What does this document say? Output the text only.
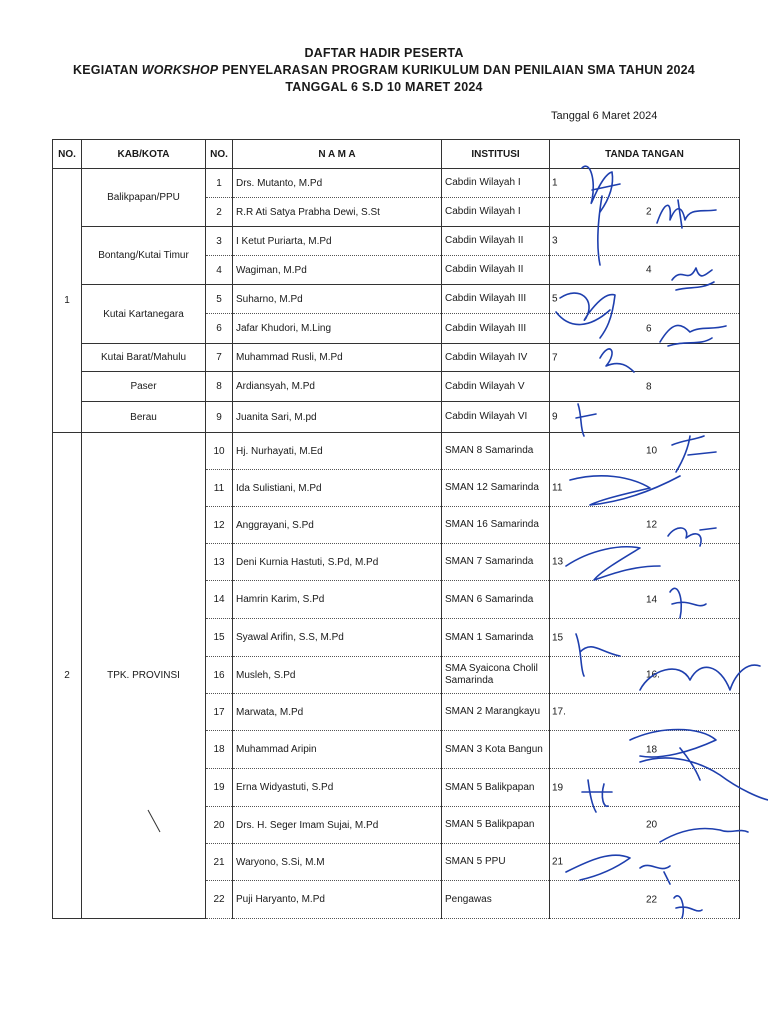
DAFTAR HADIR PESERTA
KEGIATAN WORKSHOP PENYELARASAN PROGRAM KURIKULUM DAN PENILAIAN SMA TAHUN 2024
TANGGAL 6 S.D 10 MARET 2024
Tanggal 6 Maret 2024
NO.	KAB/KOTA	NO.	N A M A	INSTITUSI	TANDA TANGAN
1	Balikpapan/PPU	1	Drs. Mutanto, M.Pd	Cabdin Wilayah I	1

		2	R.R Ati Satya Prabha Dewi, S.St	Cabdin Wilayah I	2

	Bontang/Kutai Timur	3	I Ketut Puriarta, M.Pd	Cabdin Wilayah II	3

		4	Wagiman, M.Pd	Cabdin Wilayah II	4

	Kutai Kartanegara	5	Suharno, M.Pd	Cabdin Wilayah III	5

		6	Jafar Khudori, M.Ling	Cabdin Wilayah III	6

	Kutai Barat/Mahulu	7	Muhammad Rusli, M.Pd	Cabdin Wilayah IV	7

	Paser	8	Ardiansyah, M.Pd	Cabdin Wilayah V	8

	Berau	9	Juanita Sari, M.pd	Cabdin Wilayah VI	9

2	TPK. PROVINSI	10	Hj. Nurhayati, M.Ed	SMAN 8 Samarinda	10

		11	Ida Sulistiani, M.Pd	SMAN 12 Samarinda	11

		12	Anggrayani, S.Pd	SMAN 16 Samarinda	12

		13	Deni Kurnia Hastuti, S.Pd, M.Pd	SMAN 7 Samarinda	13

		14	Hamrin Karim, S.Pd	SMAN 6 Samarinda	14

		15	Syawal Arifin, S.S, M.Pd	SMAN 1 Samarinda	15

		16	Musleh, S.Pd	SMA Syaicona Cholil Samarinda	16.

		17	Marwata, M.Pd	SMAN 2 Marangkayu	17.

		18	Muhammad Aripin	SMAN 3 Kota Bangun	18

		19	Erna Widyastuti, S.Pd	SMAN 5 Balikpapan	19

		20	Drs. H. Seger Imam Sujai, M.Pd	SMAN 5 Balikpapan	20

		21	Waryono, S.Si, M.M	SMAN 5 PPU	21

		22	Puji Haryanto, M.Pd	Pengawas	22
